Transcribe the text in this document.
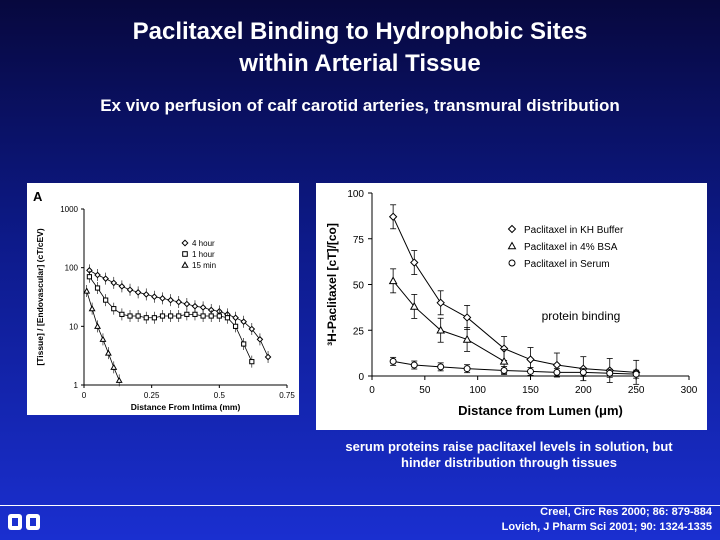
Paclitaxel Binding to Hydrophobic Sites
within Arterial Tissue
Ex vivo perfusion of calf carotid arteries, transmural distribution
A
1
10
100
1000
0	0.25	0.5	0.75
Distance From Intima (mm)
[Tissue] / [Endovascular] (cT/cEV)	4 hour
1 hour
15 min
0
25
50
75
100
0	50	100	150	200	250	300
Distance from Lumen (μm)
³H-Paclitaxel [cT]/[co]	Paclitaxel in KH Buffer
Paclitaxel in 4% BSA
Paclitaxel in Serum
protein binding
serum proteins raise paclitaxel levels in solution, but
hinder distribution through tissues
Creel, Circ Res 2000; 86: 879-884
Lovich, J Pharm Sci 2001; 90: 1324-1335
